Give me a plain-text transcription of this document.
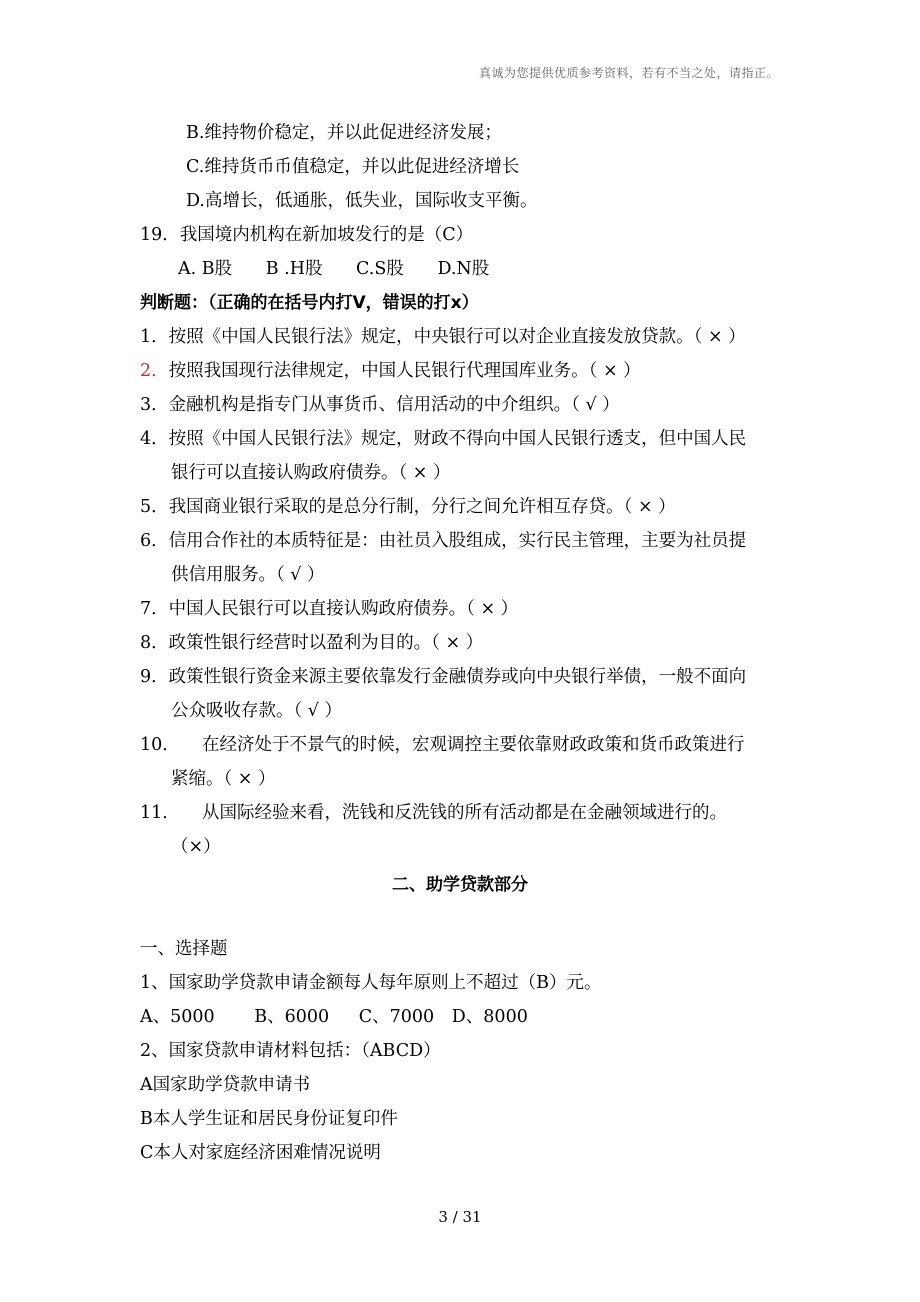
真诚为您提供优质参考资料，若有不当之处，请指正。
B.维持物价稳定，并以此促进经济发展；
C.维持货币币值稳定，并以此促进经济增长
D.高增长，低通胀，低失业，国际收支平衡。
19．我国境内机构在新加坡发行的是（C）
A. B股 B .H股 C.S股 D.N股
判断题：（正确的在括号内打V，错误的打x）
1．按照《中国人民银行法》规定，中央银行可以对企业直接发放贷款。（ × ）
2．按照我国现行法律规定，中国人民银行代理国库业务。（ × ）
3．金融机构是指专门从事货币、信用活动的中介组织。（ √ ）
4．按照《中国人民银行法》规定，财政不得向中国人民银行透支，但中国人民
银行可以直接认购政府债券。（ × ）
5．我国商业银行采取的是总分行制，分行之间允许相互存贷。（ × ）
6．信用合作社的本质特征是：由社员入股组成，实行民主管理，主要为社员提
供信用服务。（ √ ）
7．中国人民银行可以直接认购政府债券。（ × ）
8．政策性银行经营时以盈利为目的。（ × ）
9．政策性银行资金来源主要依靠发行金融债券或向中央银行举债，一般不面向
公众吸收存款。（ √ ）
10． 在经济处于不景气的时候，宏观调控主要依靠财政政策和货币政策进行
紧缩。（ × ）
11． 从国际经验来看，洗钱和反洗钱的所有活动都是在金融领域进行的。
（×）
二、助学贷款部分
一、选择题
1、国家助学贷款申请金额每人每年原则上不超过（B）元。
A、5000 B、6000 C、7000 D、8000
2、国家贷款申请材料包括：（ABCD）
A国家助学贷款申请书
B本人学生证和居民身份证复印件
C本人对家庭经济困难情况说明
3 / 31
